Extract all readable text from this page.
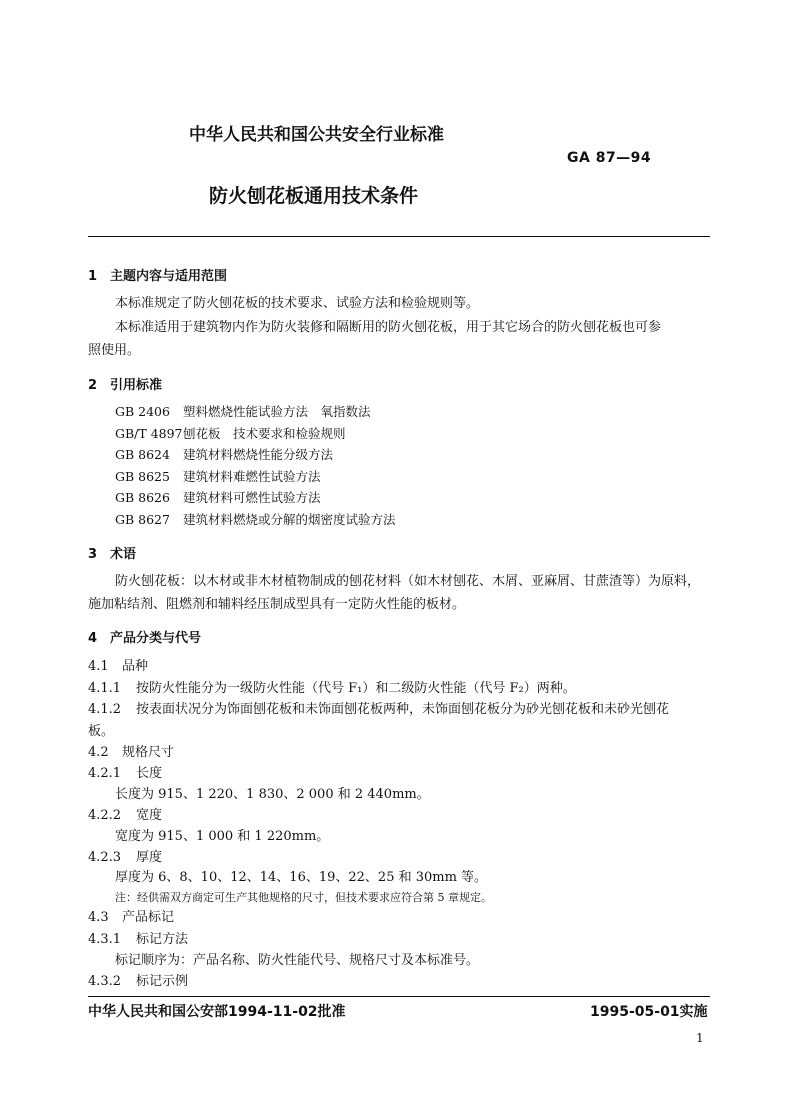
中华人民共和国公共安全行业标准
GA 87—94
防火刨花板通用技术条件
1　主题内容与适用范围
本标准规定了防火刨花板的技术要求、试验方法和检验规则等。
本标准适用于建筑物内作为防火装修和隔断用的防火刨花板，用于其它场合的防火刨花板也可参
照使用。
2　引用标准
GB 2406 塑料燃烧性能试验方法　氧指数法
GB/T 4897刨花板　技术要求和检验规则
GB 8624 建筑材料燃烧性能分级方法
GB 8625 建筑材料难燃性试验方法
GB 8626 建筑材料可燃性试验方法
GB 8627 建筑材料燃烧或分解的烟密度试验方法
3　术语
防火刨花板：以木材或非木材植物制成的刨花材料（如木材刨花、木屑、亚麻屑、甘蔗渣等）为原料，
施加粘结剂、阻燃剂和辅料经压制成型具有一定防火性能的板材。
4　产品分类与代号
4.1 品种
4.1.1 按防火性能分为一级防火性能（代号 F₁）和二级防火性能（代号 F₂）两种。
4.1.2 按表面状况分为饰面刨花板和未饰面刨花板两种，未饰面刨花板分为砂光刨花板和未砂光刨花
板。
4.2 规格尺寸
4.2.1 长度
长度为 915、1 220、1 830、2 000 和 2 440mm。
4.2.2 宽度
宽度为 915、1 000 和 1 220mm。
4.2.3 厚度
厚度为 6、8、10、12、14、16、19、22、25 和 30mm 等。
注：经供需双方商定可生产其他规格的尺寸，但技术要求应符合第 5 章规定。
4.3 产品标记
4.3.1 标记方法
标记顺序为：产品名称、防火性能代号、规格尺寸及本标准号。
4.3.2 标记示例
中华人民共和国公安部1994-11-02批准	1995-05-01实施
1
